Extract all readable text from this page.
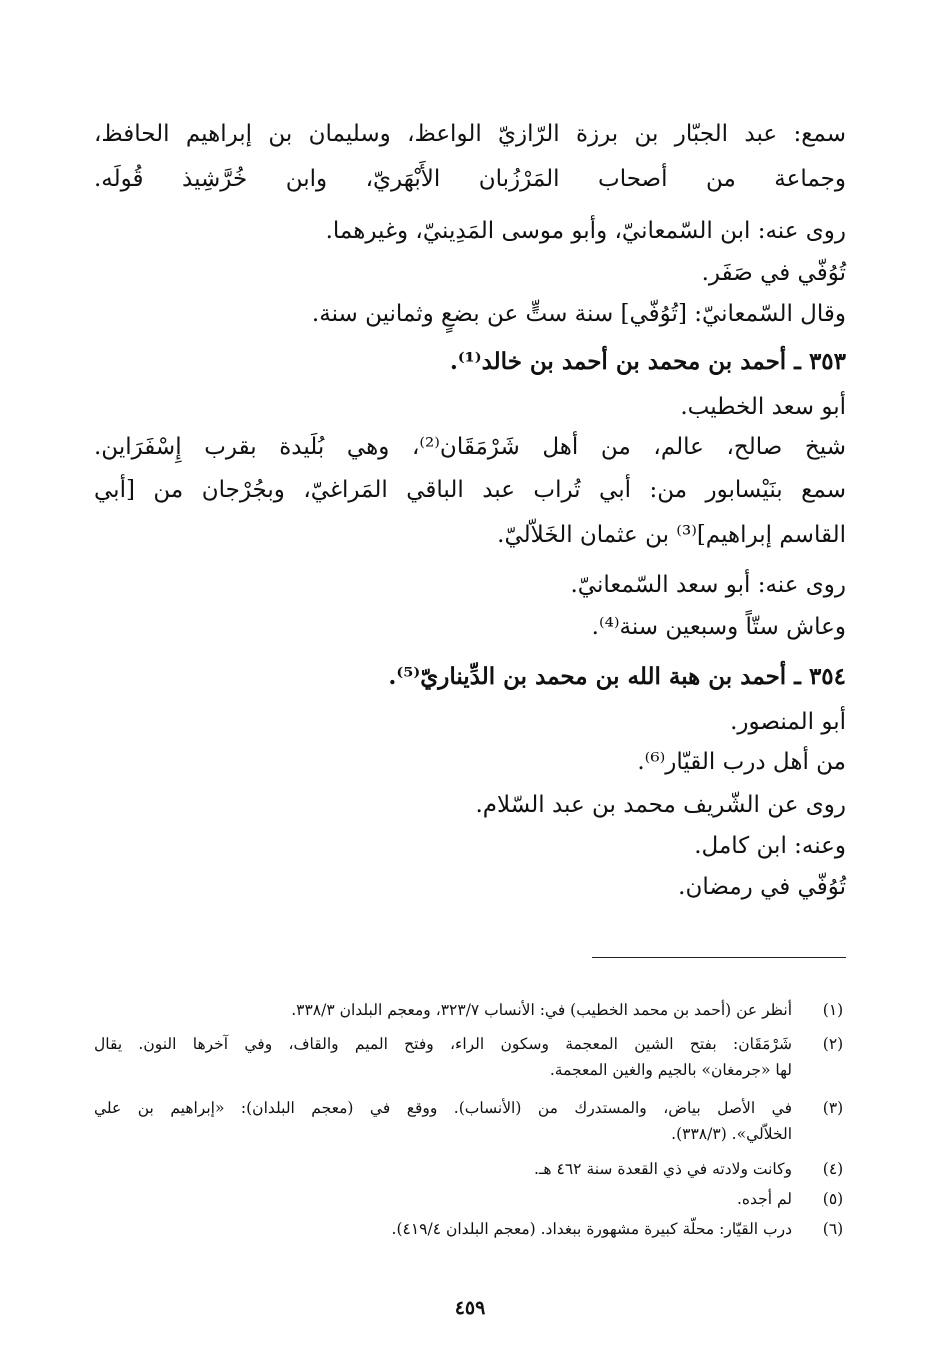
سمع: عبد الجبّار بن برزة الرّازيّ الواعظ، وسليمان بن إبراهيم الحافظ،
وجماعة من أصحاب المَرْزُبان الأَبْهَريّ، وابن خُرَّشِيذ قُولَه.
روى عنه: ابن السّمعانيّ، وأبو موسى المَدِينيّ، وغيرهما.
تُوُفّي في صَفَر.
وقال السّمعانيّ: [تُوُفّي] سنة ستٍّ عن بضعٍ وثمانين سنة.
٣٥٣ ـ أحمد بن محمد بن أحمد بن خالد⁽¹⁾.
أبو سعد الخطيب.
شيخ صالح، عالم، من أهل شَرْمَقَان⁽²⁾، وهي بُلَيدة بقرب إِسْفَرَاين.
سمع بنَيْسابور من: أبي تُراب عبد الباقي المَراغيّ، وبجُرْجان من [أبي
القاسم إبراهيم]⁽³⁾ بن عثمان الخَلاّليّ.
روى عنه: أبو سعد السّمعانيّ.
وعاش ستّاً وسبعين سنة⁽⁴⁾.
٣٥٤ ـ أحمد بن هبة الله بن محمد بن الدِّيناريّ⁽⁵⁾.
أبو المنصور.
من أهل درب القيّار⁽⁶⁾.
روى عن الشّريف محمد بن عبد السّلام.
وعنه: ابن كامل.
تُوُفّي في رمضان.
(١)
أنظر عن (أحمد بن محمد الخطيب) في: الأنساب ٣٢٣/٧، ومعجم البلدان ٣٣٨/٣.
(٢)
شَرْمَقَان: بفتح الشين المعجمة وسكون الراء، وفتح الميم والقاف، وفي آخرها النون. يقال
لها «جرمغان» بالجيم والغين المعجمة.
(٣)
في الأصل بياض، والمستدرك من (الأنساب). ووقع في (معجم البلدان): «إبراهيم بن علي
الخلاّلي». (٣٣٨/٣).
(٤)
وكانت ولادته في ذي القعدة سنة ٤٦٢ هـ.
(٥)
لم أجده.
(٦)
درب القيّار: محلّة كبيرة مشهورة ببغداد. (معجم البلدان ٤١٩/٤).
٤٥٩
